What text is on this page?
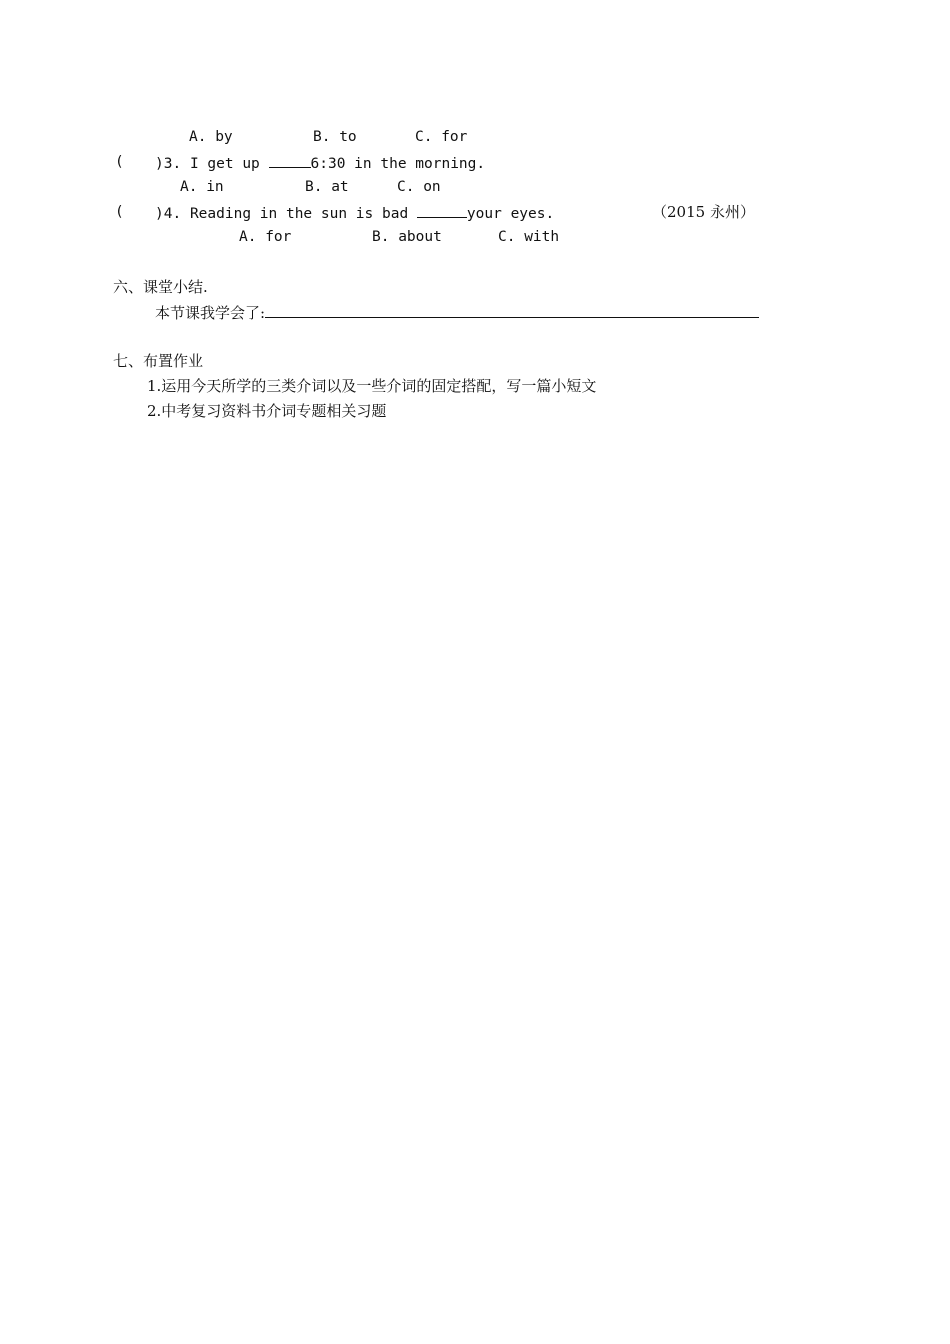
A. by	B. to	C. for
( )3. I get up	6:30 in the morning.
A. in	B. at	C. on
( )4. Reading in the sun is bad	your eyes.	（2015 永州）
A. for	B. about	C. with
六、课堂小结.
本节课我学会了:
七、布置作业
1.运用今天所学的三类介词以及一些介词的固定搭配，写一篇小短文
2.中考复习资料书介词专题相关习题
